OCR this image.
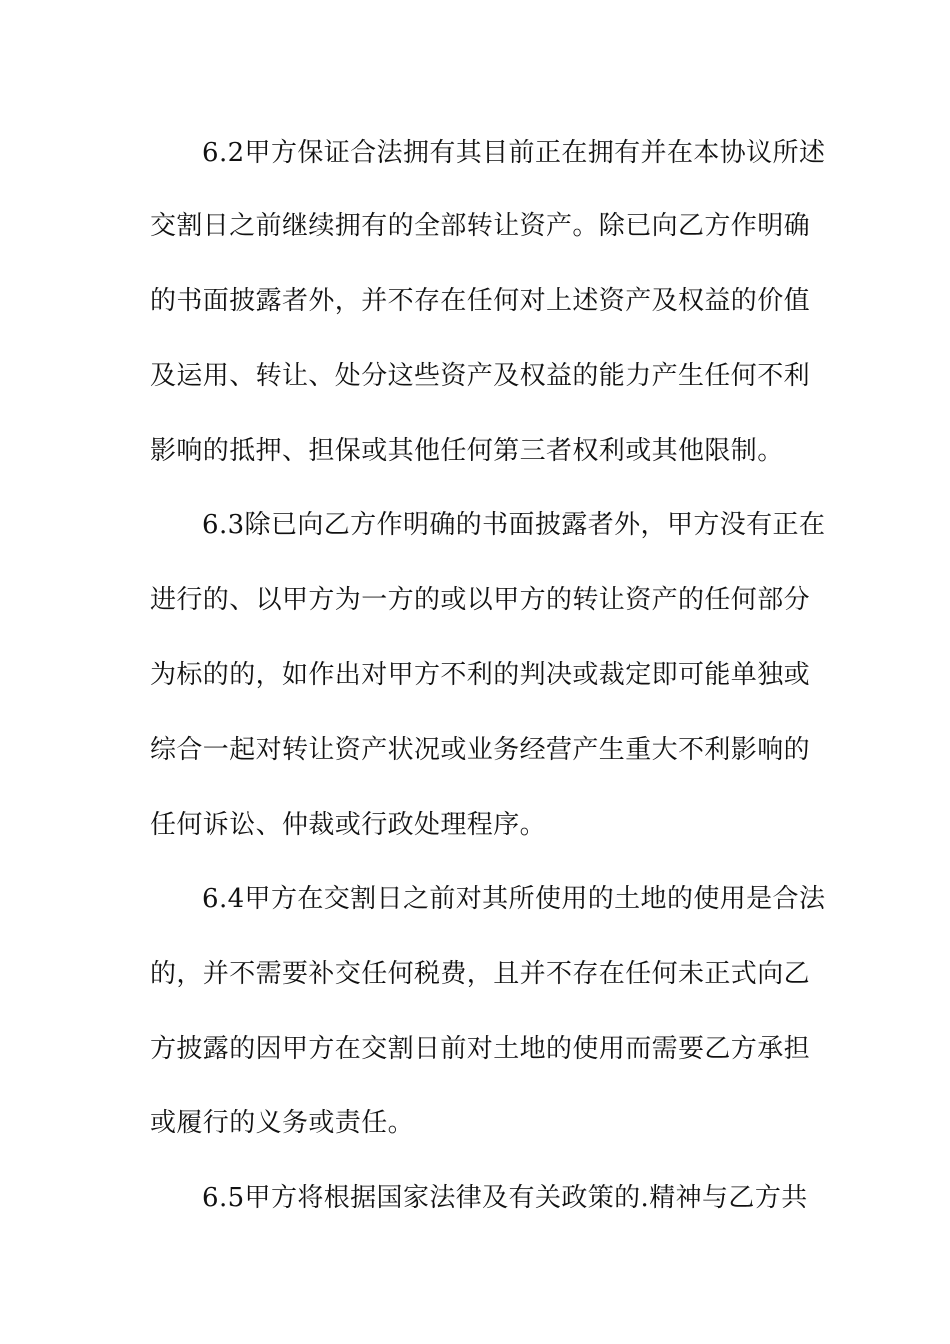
6.2甲方保证合法拥有其目前正在拥有并在本协议所述
交割日之前继续拥有的全部转让资产。除已向乙方作明确
的书面披露者外，并不存在任何对上述资产及权益的价值
及运用、转让、处分这些资产及权益的能力产生任何不利
影响的抵押、担保或其他任何第三者权利或其他限制。
6.3除已向乙方作明确的书面披露者外，甲方没有正在
进行的、以甲方为一方的或以甲方的转让资产的任何部分
为标的的，如作出对甲方不利的判决或裁定即可能单独或
综合一起对转让资产状况或业务经营产生重大不利影响的
任何诉讼、仲裁或行政处理程序。
6.4甲方在交割日之前对其所使用的土地的使用是合法
的，并不需要补交任何税费，且并不存在任何未正式向乙
方披露的因甲方在交割日前对土地的使用而需要乙方承担
或履行的义务或责任。
6.5甲方将根据国家法律及有关政策的.精神与乙方共
